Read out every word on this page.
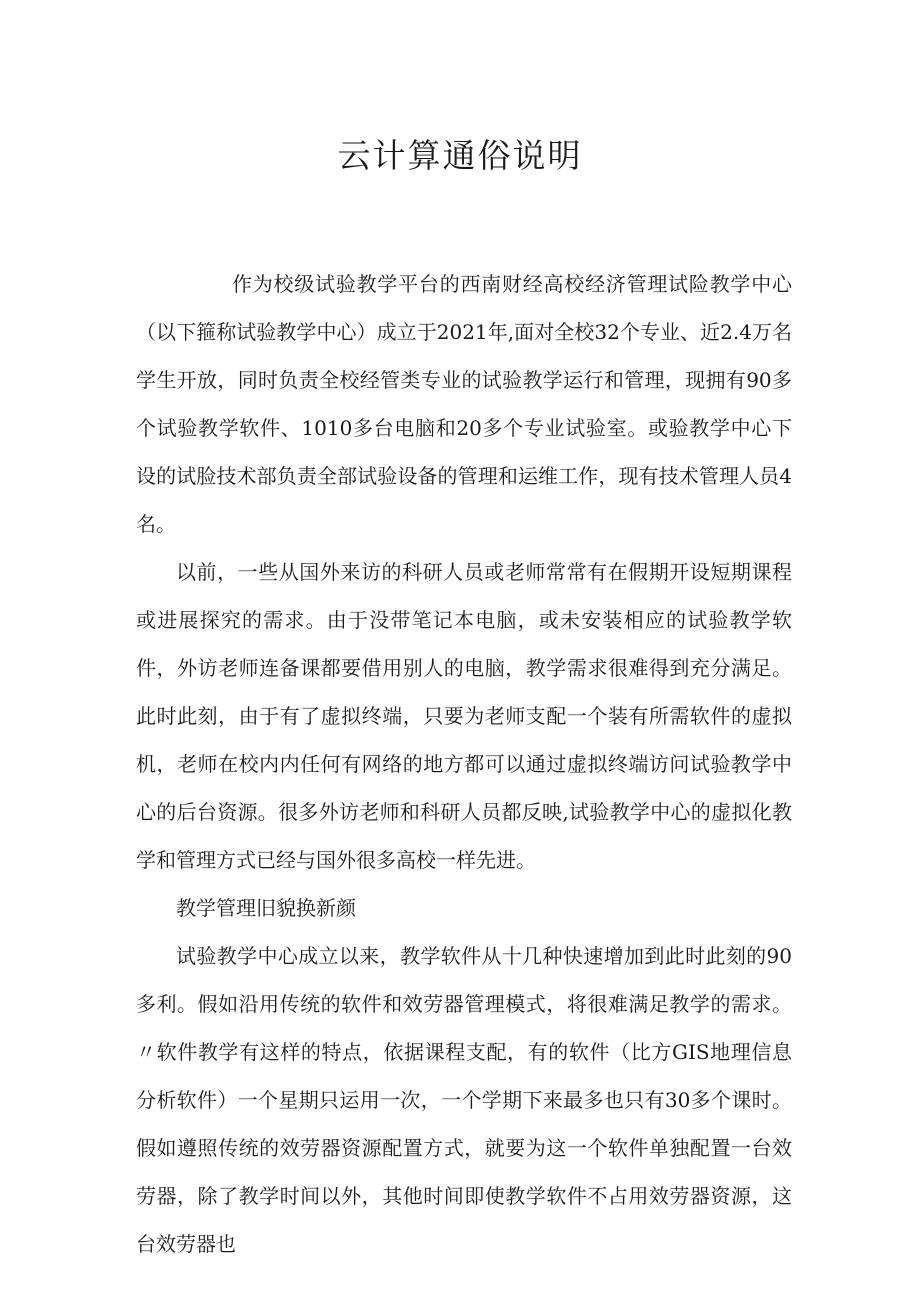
云计算通俗说明

作为校级试验教学平台的西南财经高校经济管理试险教学中心（以下箍称试验教学中心）成立于2021年,面对全校32个专业、近2.4万名学生开放，同时负责全校经管类专业的试验教学运行和管理，现拥有90多个试验教学软件、1010多台电脑和20多个专业试验室。或验教学中心下设的试脸技术部负责全部试验设备的管理和运维工作，现有技术管理人员4名。

以前，一些从国外来访的科研人员或老师常常有在假期开设短期课程或进展探究的需求。由于没带笔记本电脑，或未安装相应的试验教学软件，外访老师连备课都要借用别人的电脑，教学需求很难得到充分满足。此时此刻，由于有了虚拟终端，只要为老师支配一个装有所需软件的虚拟机，老师在校内内任何有网络的地方都可以通过虚拟终端访问试验教学中心的后台资源。很多外访老师和科研人员都反映,试验教学中心的虚拟化教学和管理方式已经与国外很多高校一样先进。

教学管理旧貌换新颜

试验教学中心成立以来，教学软件从十几种快速增加到此时此刻的90多利。假如沿用传统的软件和效劳器管理模式，将很难满足教学的需求。〃软件教学有这样的特点，依据课程支配，有的软件（比方GIS地理信息分析软件）一个星期只运用一次，一个学期下来最多也只有30多个课时。假如遵照传统的效劳器资源配置方式，就要为这一个软件单独配置一台效劳器，除了教学时间以外，其他时间即使教学软件不占用效劳器资源，这台效劳器也
